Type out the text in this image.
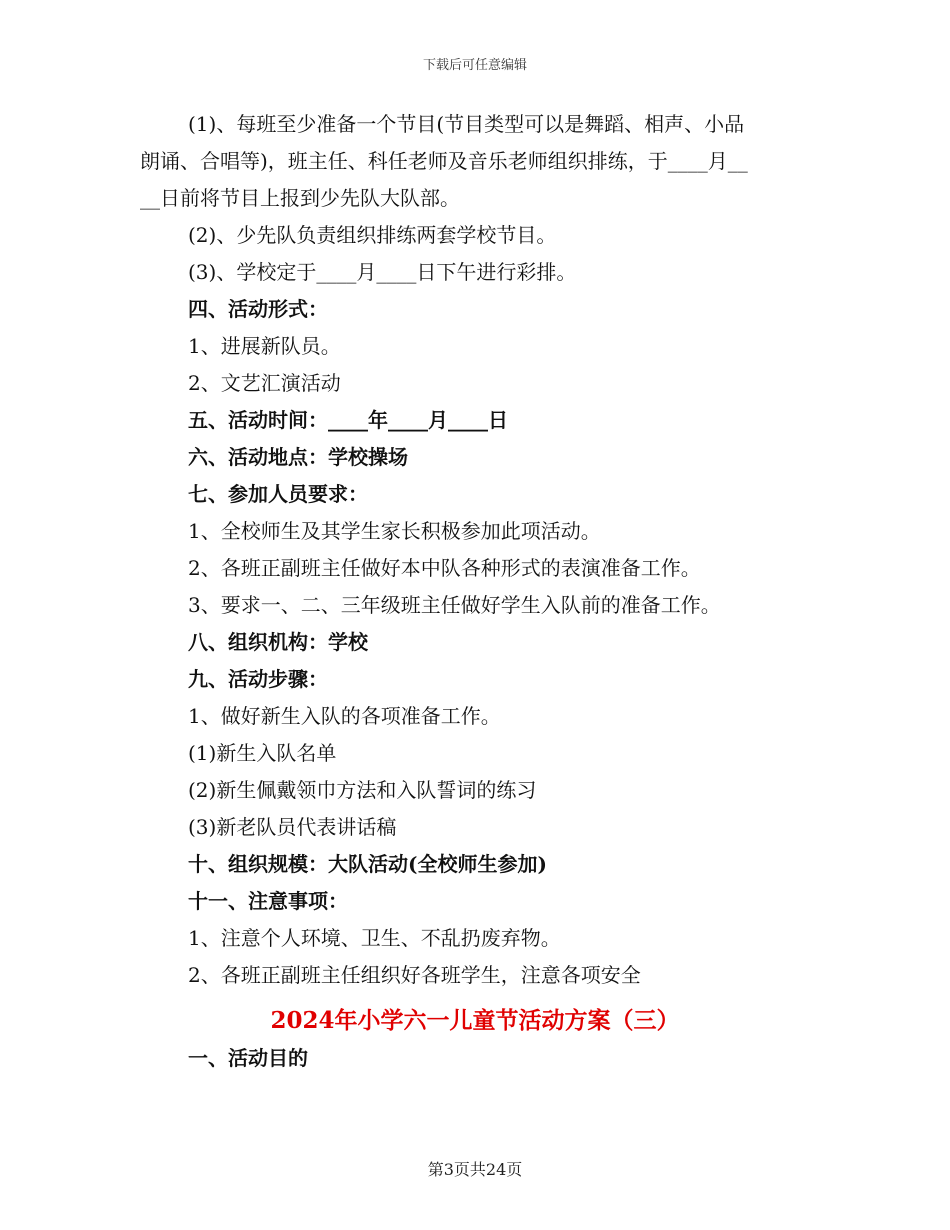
下载后可任意编辑
(1)、每班至少准备一个节目(节目类型可以是舞蹈、相声、小品
朗诵、合唱等)，班主任、科任老师及音乐老师组织排练，于____月__
__日前将节目上报到少先队大队部。
(2)、少先队负责组织排练两套学校节目。
(3)、学校定于____月____日下午进行彩排。
四、活动形式：
1、进展新队员。
2、文艺汇演活动
五、活动时间：____年____月____日
六、活动地点：学校操场
七、参加人员要求：
1、全校师生及其学生家长积极参加此项活动。
2、各班正副班主任做好本中队各种形式的表演准备工作。
3、要求一、二、三年级班主任做好学生入队前的准备工作。
八、组织机构：学校
九、活动步骤：
1、做好新生入队的各项准备工作。
(1)新生入队名单
(2)新生佩戴领巾方法和入队誓词的练习
(3)新老队员代表讲话稿
十、组织规模：大队活动(全校师生参加)
十一、注意事项：
1、注意个人环境、卫生、不乱扔废弃物。
2、各班正副班主任组织好各班学生，注意各项安全
2024年小学六一儿童节活动方案（三）
一、活动目的
第3页共24页
